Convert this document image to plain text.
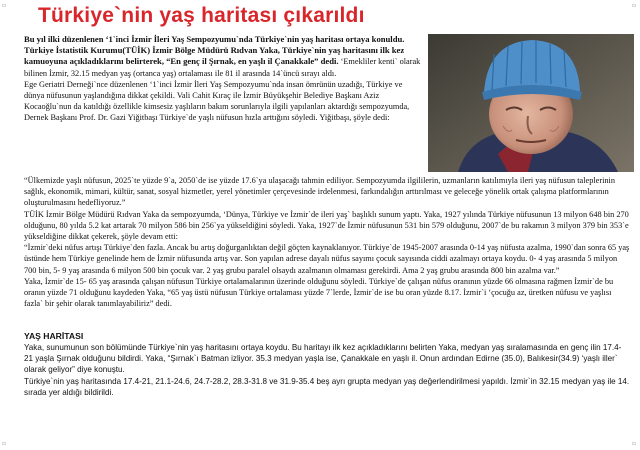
▫	▫
▫	▫
Türkiye`nin yaş haritası çıkarıldı

Bu yıl ilki düzenlenen ‘1`inci İzmir İleri Yaş Sempozyumu`nda Türkiye`nin yaş haritası ortaya konuldu. Türkiye İstatistik Kurumu(TÜİK) İzmir Bölge Müdürü Rıdvan Yaka, Türkiye`nin yaş haritasını ilk kez kamuoyuna açıkladıklarını belirterek, “En genç il Şırnak, en yaşlı il Çanakkale” dedi. ‘Emekliler kenti` olarak bilinen İzmir, 32.15 medyan yaş (ortanca yaş) ortalaması ile 81 il arasında 14`üncü sırayı aldı.

Ege Geriatri Derneği`nce düzenlenen ‘1`inci İzmir İleri Yaş Sempozyumu`nda insan ömrünün uzadığı, Türkiye ve dünya nüfusunun yaşlandığına dikkat çekildi. Vali Cahit Kıraç ile İzmir Büyükşehir Belediye Başkanı Aziz Kocaoğlu`nun da katıldığı özellikle kimsesiz yaşlıların bakım sorunlarıyla ilgili yapılanları aktardığı sempozyumda, Dernek Başkanı Prof. Dr. Gazi Yiğitbaşı Türkiye`de yaşlı nüfusun hızla arttığını söyledi. Yiğitbaşı, şöyle dedi:

“Ülkemizde yaşlı nüfusun, 2025`te yüzde 9`a, 2050`de ise yüzde 17.6`ya ulaşacağı tahmin ediliyor. Sempozyumda ilgililerin, uzmanların katılımıyla ileri yaş nüfusun taleplerinin sağlık, ekonomik, mimari, kültür, sanat, sosyal hizmetler, yerel yönetimler çerçevesinde irdelenmesi, farkındalığın arttırılması ve geleceğe yönelik ortak çalışma platformlarının oluşturulmasını hedefliyoruz.”

TÜİK İzmir Bölge Müdürü Rıdvan Yaka da sempozyumda, ‘Dünya, Türkiye ve İzmir`de ileri yaş` başlıklı sunum yaptı. Yaka, 1927 yılında Türkiye nüfusunun 13 milyon 648 bin 270 olduğunu, 80 yılda 5.2 kat artarak 70 milyon 586 bin 256`ya yükseldiğini söyledi. Yaka, 1927`de İzmir nüfusunun 531 bin 579 olduğunu, 2007`de bu rakamın 3 milyon 379 bin 353`e yükseldiğine dikkat çekerek, şöyle devam etti:

“İzmir`deki nüfus artışı Türkiye`den fazla. Ancak bu artış doğurganlıktan değil göçten kaynaklanıyor. Türkiye`de 1945-2007 arasında 0-14 yaş nüfusta azalma, 1990`dan sonra 65 yaş üstünde hem Türkiye genelinde hem de İzmir nüfusunda artış var. Son yapılan adrese dayalı nüfus sayımı çocuk sayısında ciddi azalmayı ortaya koydu. 0- 4 yaş arasında 5 milyon 700 bin, 5- 9 yaş arasında 6 milyon 500 bin çocuk var. 2 yaş grubu paralel olsaydı azalmanın olmaması gerekirdi. Ama 2 yaş grubu arasında 800 bin azalma var.”

Yaka, İzmir`de 15- 65 yaş arasında çalışan nüfusun Türkiye ortalamalarının üzerinde olduğunu söyledi. Türkiye`de çalışan nüfus oranının yüzde 66 olmasına rağmen İzmir`de bu oranın yüzde 71 olduğunu kaydeden Yaka, “65 yaş üstü nüfusun Türkiye ortalaması yüzde 7`lerde, İzmir`de ise bu oran yüzde 8.17. İzmir`i ‘çocuğu az, üretken nüfusu ve yaşlısı fazla` bir şehir olarak tanımlayabiliriz” dedi.

YAŞ HARİTASI

Yaka, sunumunun son bölümünde Türkiye`nin yaş haritasını ortaya koydu. Bu haritayı ilk kez açıkladıklarını belirten Yaka, medyan yaş sıralamasında en genç ilin 17.4- 21 yaşla Şırnak olduğunu bildirdi. Yaka, “Şırnak`ı Batman izliyor. 35.3 medyan yaşla ise, Çanakkale en yaşlı il. Onun ardından Edirne (35.0), Balıkesir(34.9) ‘yaşlı iller` olarak geliyor” diye konuştu.

Türkiye`nin yaş haritasında 17.4-21, 21.1-24.6, 24.7-28.2, 28.3-31.8 ve 31.9-35.4 beş ayrı grupta medyan yaş değerlendirilmesi yapıldı. İzmir`in 32.15 medyan yaş ile 14. sırada yer aldığı bildirildi.
